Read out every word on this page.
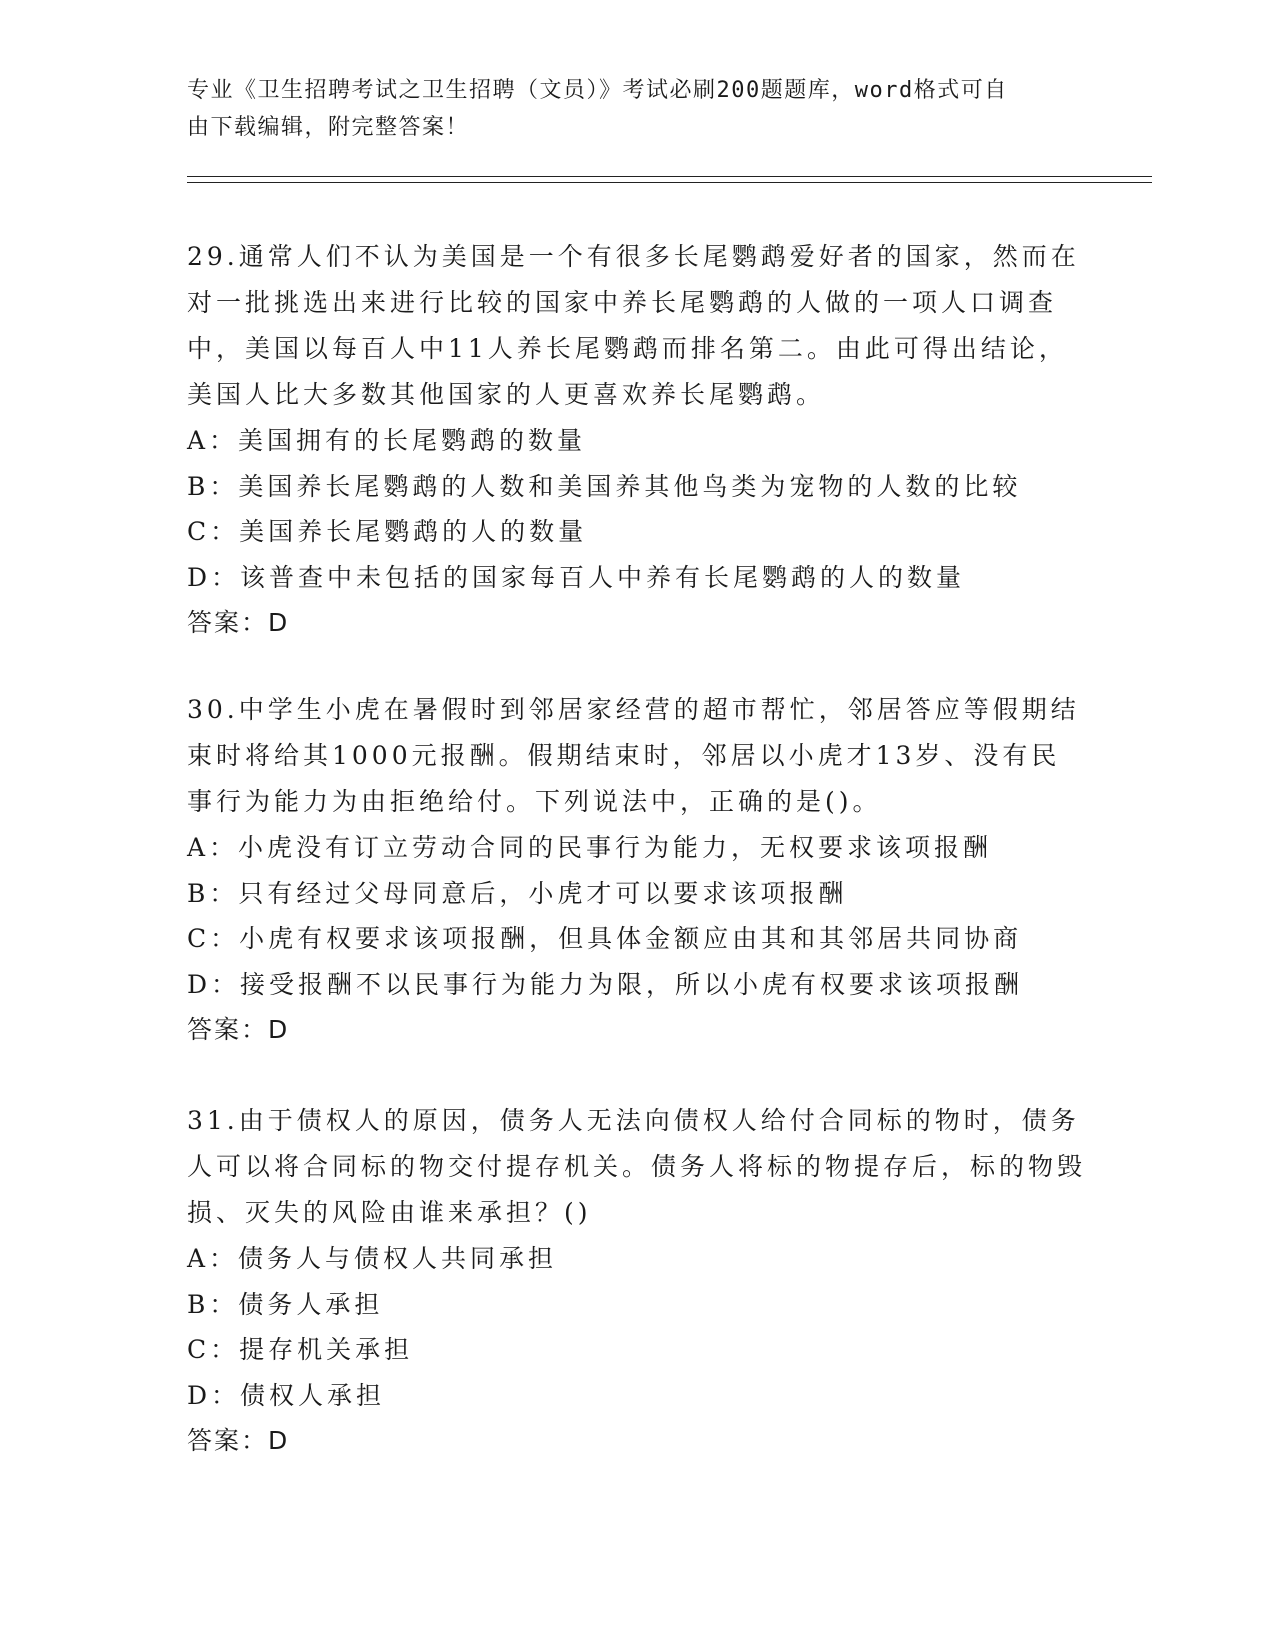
专业《卫生招聘考试之卫生招聘（文员）》考试必刷200题题库，word格式可自
由下载编辑，附完整答案！

29.通常人们不认为美国是一个有很多长尾鹦鹉爱好者的国家，然而在对一批挑选出来进行比较的国家中养长尾鹦鹉的人做的一项人口调查中，美国以每百人中11人养长尾鹦鹉而排名第二。由此可得出结论，美国人比大多数其他国家的人更喜欢养长尾鹦鹉。

A：美国拥有的长尾鹦鹉的数量

B：美国养长尾鹦鹉的人数和美国养其他鸟类为宠物的人数的比较

C：美国养长尾鹦鹉的人的数量

D：该普查中未包括的国家每百人中养有长尾鹦鹉的人的数量

答案：D

30.中学生小虎在暑假时到邻居家经营的超市帮忙，邻居答应等假期结束时将给其1000元报酬。假期结束时，邻居以小虎才13岁、没有民事行为能力为由拒绝给付。下列说法中，正确的是()。

A：小虎没有订立劳动合同的民事行为能力，无权要求该项报酬

B：只有经过父母同意后，小虎才可以要求该项报酬

C：小虎有权要求该项报酬，但具体金额应由其和其邻居共同协商

D：接受报酬不以民事行为能力为限，所以小虎有权要求该项报酬

答案：D

31.由于债权人的原因，债务人无法向债权人给付合同标的物时，债务人可以将合同标的物交付提存机关。债务人将标的物提存后，标的物毁损、灭失的风险由谁来承担？()

A：债务人与债权人共同承担

B：债务人承担

C：提存机关承担

D：债权人承担

答案：D
